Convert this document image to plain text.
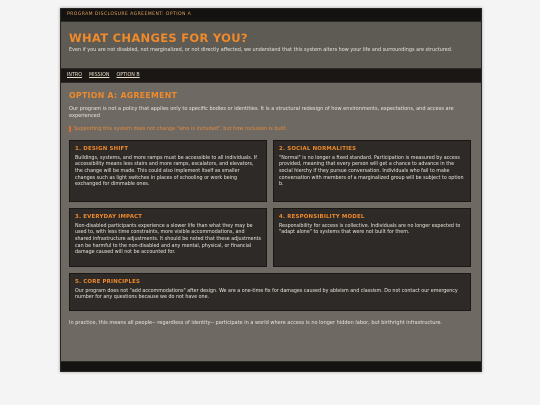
PROGRAM DISCLOSURE AGREEMENT: OPTION A
WHAT CHANGES FOR YOU?

Even if you are not disabled, not marginalized, or not directly affected, we understand that this system alters how your life and surroundings are structured.

INTRO MISSION OPTION B
OPTION A: AGREEMENT

Our program is not a policy that applies only to specific bodies or identities. It is a structural redesign of how environments, expectations, and access are experienced

Supporting this system does not change "who is included", but how inclusion is built.
1. DESIGN SHIFT

Buildings, systems, and more ramps must be accessible to all individuals. If accessibility means less stairs and more ramps, escalators, and elevators, the change will be made. This could also implement itself as smaller changes such as light switches in places of schooling or work being exchanged for dimmable ones.

2. SOCIAL NORMALITIES

"Normal" is no longer a fixed standard. Participation is measured by access provided, meaning that every person will get a chance to advance in the social hierchy if they pursue conversation. Individuals who fail to make conversation with members of a marginalized group will be subject to option b.

3. EVERYDAY IMPACT

Non-disabled participants experience a slower life than what they may be used to, with less time constraints, more visible accommodations, and shared infrastructure adjustments. It should be noted that these adjustments can be harmful to the non-disabled and any mental, physical, or financial damage caused will not be accounted for.

4. RESPONSIBILITY MODEL

Responsibility for access is collective. Individuals are no longer expected to "adapt alone" to systems that were not built for them.

5. CORE PRINCIPLES

Our program does not "add accommodations" after design. We are a one-time fix for damages caused by ableism and classism. Do not contact our emergency number for any questions because we do not have one.

In practice, this means all people-- regardless of identity-- participate in a world where access is no longer hidden labor, but birthright infrastructure.
